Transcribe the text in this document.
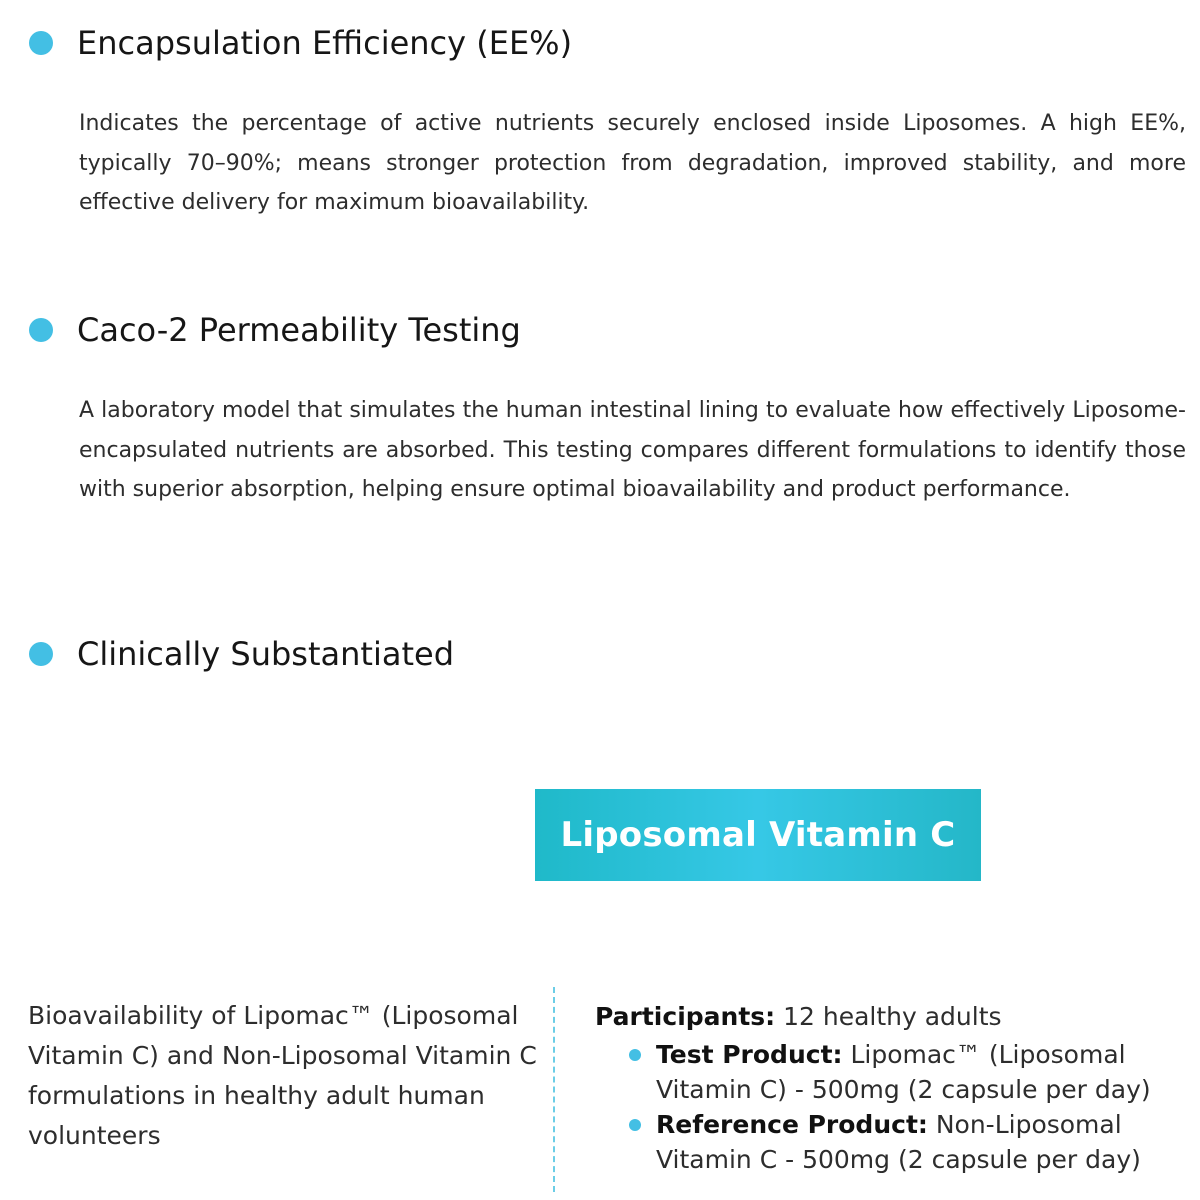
Encapsulation Efficiency (EE%)

Indicates the percentage of active nutrients securely enclosed inside Liposomes. A high EE%, typically 70–90%; means stronger protection from degradation, improved stability, and more effective delivery for maximum bioavailability.

Caco-2 Permeability Testing

A laboratory model that simulates the human intestinal lining to evaluate how effectively Liposome-encapsulated nutrients are absorbed. This testing compares different formulations to identify those with superior absorption, helping ensure optimal bioavailability and product performance.

Clinically Substantiated
Liposomal Vitamin C

Bioavailability of Lipomac™ (Liposomal Vitamin C) and Non-Liposomal Vitamin C formulations in healthy adult human volunteers

Participants: 12 healthy adults

Test Product: Lipomac™ (Liposomal Vitamin C) - 500mg (2 capsule per day)
Reference Product: Non-Liposomal Vitamin C - 500mg (2 capsule per day)
